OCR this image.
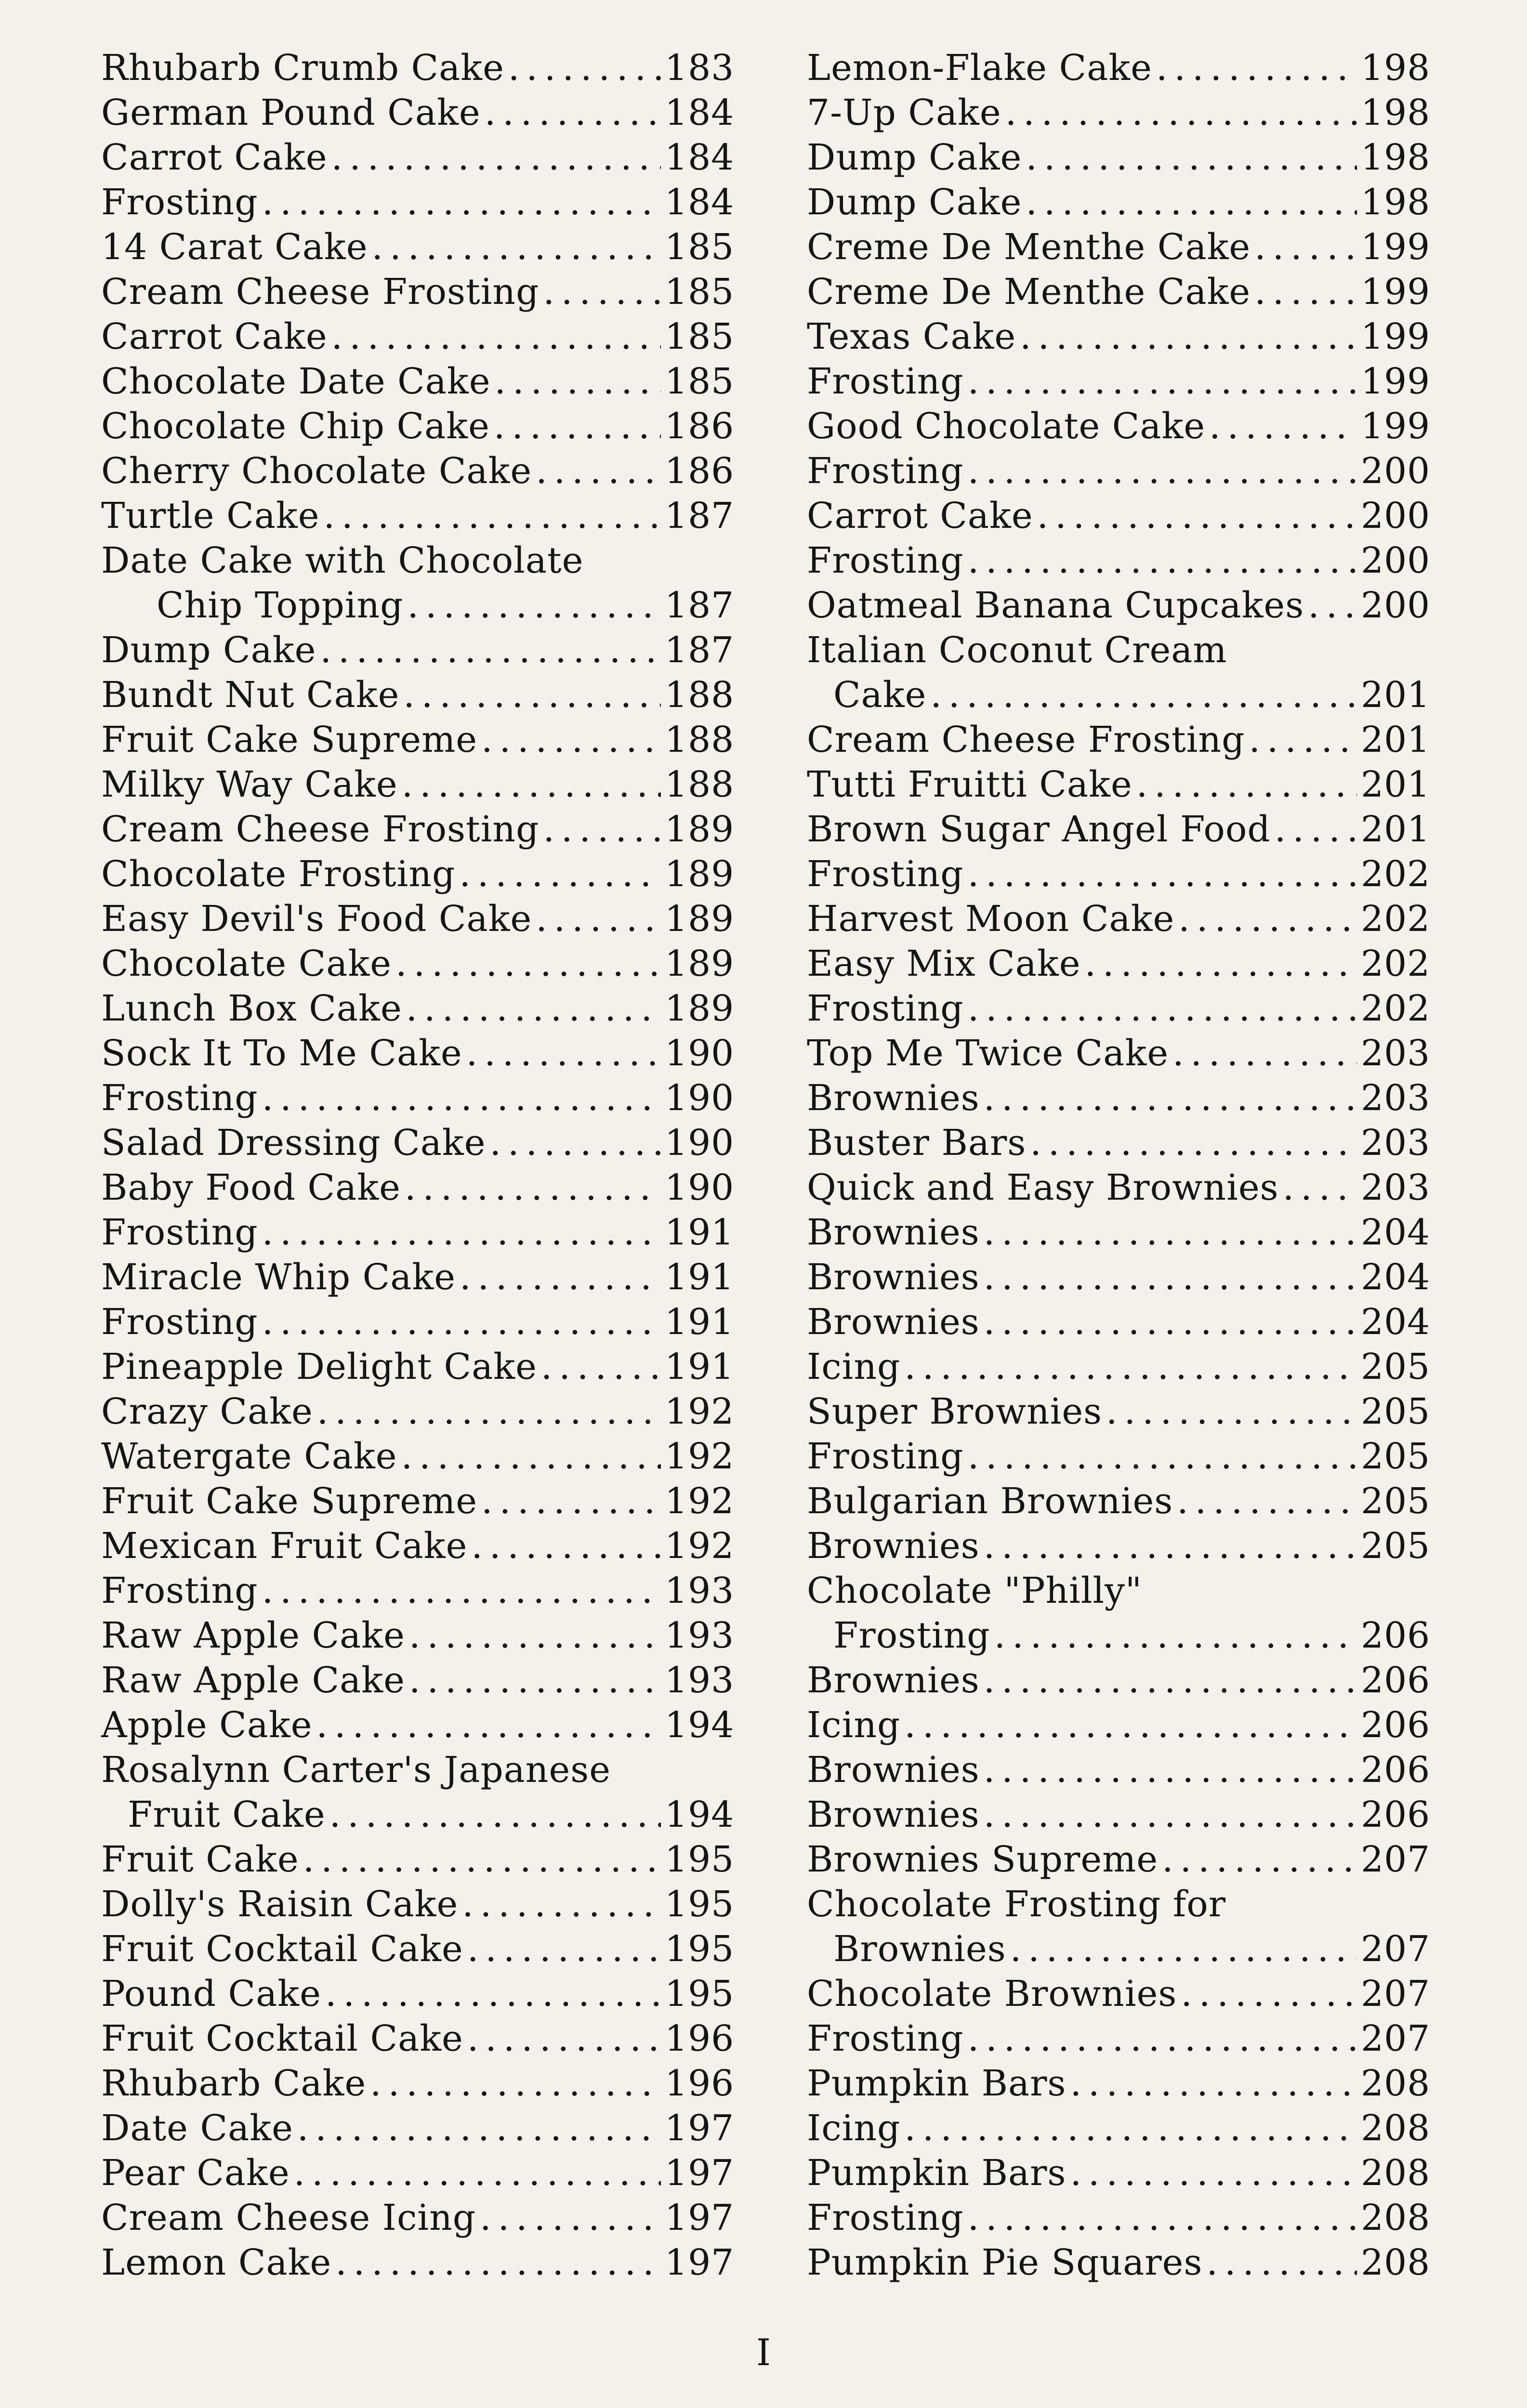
Rhubarb Crumb Cake .....	183
German Pound Cake .....	184
Carrot Cake .....	184
Frosting .....	184
14 Carat Cake .....	185
Cream Cheese Frosting .....	185
Carrot Cake .....	185
Chocolate Date Cake .....	185
Chocolate Chip Cake .....	186
Cherry Chocolate Cake .....	186
Turtle Cake .....	187
Date Cake with Chocolate
Chip Topping .....	187
Dump Cake .....	187
Bundt Nut Cake .....	188
Fruit Cake Supreme .....	188
Milky Way Cake .....	188
Cream Cheese Frosting .....	189
Chocolate Frosting .....	189
Easy Devil's Food Cake .....	189
Chocolate Cake .....	189
Lunch Box Cake .....	189
Sock It To Me Cake .....	190
Frosting .....	190
Salad Dressing Cake .....	190
Baby Food Cake .....	190
Frosting .....	191
Miracle Whip Cake .....	191
Frosting .....	191
Pineapple Delight Cake .....	191
Crazy Cake .....	192
Watergate Cake .....	192
Fruit Cake Supreme .....	192
Mexican Fruit Cake .....	192
Frosting .....	193
Raw Apple Cake .....	193
Raw Apple Cake .....	193
Apple Cake .....	194
Rosalynn Carter's Japanese
Fruit Cake .....	194
Fruit Cake .....	195
Dolly's Raisin Cake .....	195
Fruit Cocktail Cake .....	195
Pound Cake .....	195
Fruit Cocktail Cake .....	196
Rhubarb Cake .....	196
Date Cake .....	197
Pear Cake .....	197
Cream Cheese Icing .....	197
Lemon Cake .....	197
Lemon-Flake Cake .....	198
7-Up Cake .....	198
Dump Cake .....	198
Dump Cake .....	198
Creme De Menthe Cake .....	199
Creme De Menthe Cake .....	199
Texas Cake .....	199
Frosting .....	199
Good Chocolate Cake .....	199
Frosting .....	200
Carrot Cake .....	200
Frosting .....	200
Oatmeal Banana Cupcakes ..... 200
Italian Coconut Cream
Cake .....	201
Cream Cheese Frosting .....	201
Tutti Fruitti Cake .....	201
Brown Sugar Angel Food .....	201
Frosting .....	202
Harvest Moon Cake .....	202
Easy Mix Cake .....	202
Frosting .....	202
Top Me Twice Cake .....	203
Brownies .....	203
Buster Bars .....	203
Quick and Easy Brownies ..... 203
Brownies .....	204
Brownies .....	204
Brownies .....	204
Icing .....	205
Super Brownies .....	205
Frosting .....	205
Bulgarian Brownies .....	205
Brownies .....	205
Chocolate "Philly"
Frosting .....	206
Brownies .....	206
Icing .....	206
Brownies .....	206
Brownies .....	206
Brownies Supreme .....	207
Chocolate Frosting for
Brownies .....	207
Chocolate Brownies .....	207
Frosting .....	207
Pumpkin Bars .....	208
Icing .....	208
Pumpkin Bars .....	208
Frosting .....	208
Pumpkin Pie Squares .....	208
I
